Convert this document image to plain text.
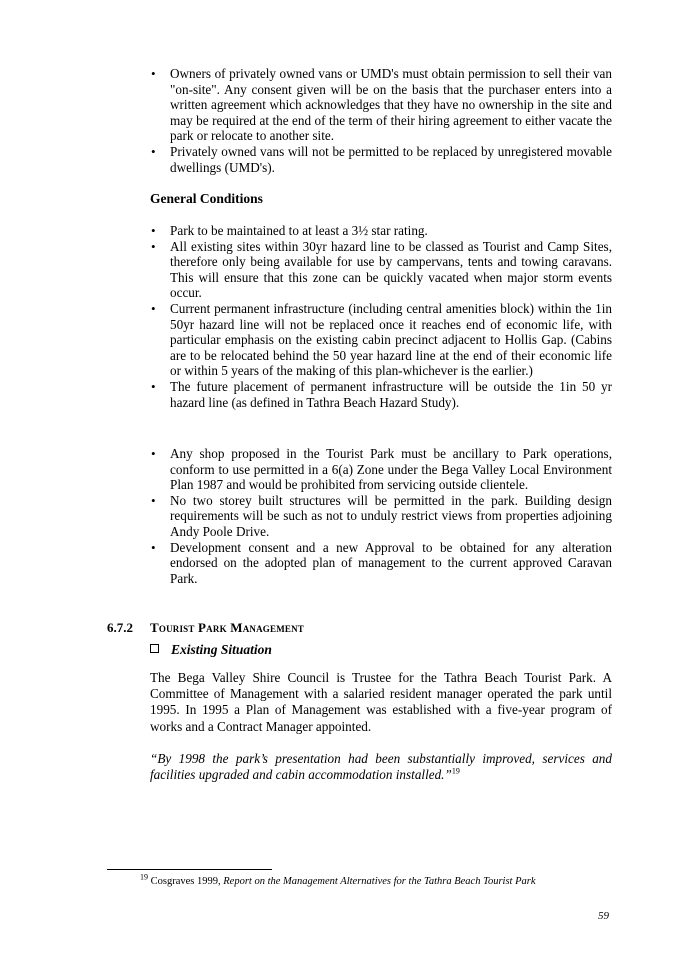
• Owners of privately owned vans or UMD's must obtain permission to sell their van "on-site". Any consent given will be on the basis that the purchaser enters into a written agreement which acknowledges that they have no ownership in the site and may be required at the end of the term of their hiring agreement to either vacate the park or relocate to another site.
• Privately owned vans will not be permitted to be replaced by unregistered movable dwellings (UMD's).
General Conditions
• Park to be maintained to at least a 3½ star rating.
• All existing sites within 30yr hazard line to be classed as Tourist and Camp Sites, therefore only being available for use by campervans, tents and towing caravans. This will ensure that this zone can be quickly vacated when major storm events occur.
• Current permanent infrastructure (including central amenities block) within the 1in 50yr hazard line will not be replaced once it reaches end of economic life, with particular emphasis on the existing cabin precinct adjacent to Hollis Gap. (Cabins are to be relocated behind the 50 year hazard line at the end of their economic life or within 5 years of the making of this plan-whichever is the earlier.)
• The future placement of permanent infrastructure will be outside the 1in 50 yr hazard line (as defined in Tathra Beach Hazard Study).
• Any shop proposed in the Tourist Park must be ancillary to Park operations, conform to use permitted in a 6(a) Zone under the Bega Valley Local Environment Plan 1987 and would be prohibited from servicing outside clientele.
• No two storey built structures will be permitted in the park. Building design requirements will be such as not to unduly restrict views from properties adjoining Andy Poole Drive.
• Development consent and a new Approval to be obtained for any alteration endorsed on the adopted plan of management to the current approved Caravan Park.
6.7.2 Tourist Park Management
Existing Situation
The Bega Valley Shire Council is Trustee for the Tathra Beach Tourist Park. A Committee of Management with a salaried resident manager operated the park until 1995. In 1995 a Plan of Management was established with a five-year program of works and a Contract Manager appointed.
“By 1998 the park’s presentation had been substantially improved, services and facilities upgraded and cabin accommodation installed.”$^{19}$
$^{19}$ Cosgraves 1999, Report on the Management Alternatives for the Tathra Beach Tourist Park
59
